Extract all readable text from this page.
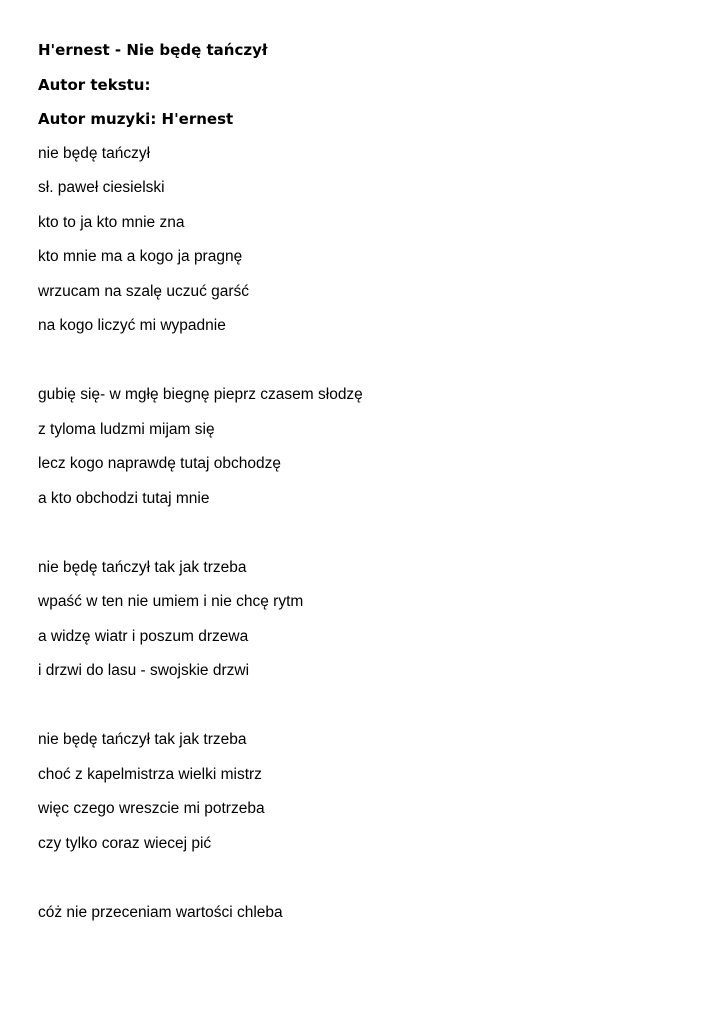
H'ernest - Nie będę tańczył
Autor tekstu:
Autor muzyki: H'ernest
nie będę tańczył
sł. paweł ciesielski
kto to ja kto mnie zna
kto mnie ma a kogo ja pragnę
wrzucam na szalę uczuć garść
na kogo liczyć mi wypadnie
gubię się- w mgłę biegnę pieprz czasem słodzę
z tyloma ludzmi mijam się
lecz kogo naprawdę tutaj obchodzę
a kto obchodzi tutaj mnie
nie będę tańczył tak jak trzeba
wpaść w ten nie umiem i nie chcę rytm
a widzę wiatr i poszum drzewa
i drzwi do lasu - swojskie drzwi
nie będę tańczył tak jak trzeba
choć z kapelmistrza wielki mistrz
więc czego wreszcie mi potrzeba
czy tylko coraz wiecej pić
cóż nie przeceniam wartości chleba
